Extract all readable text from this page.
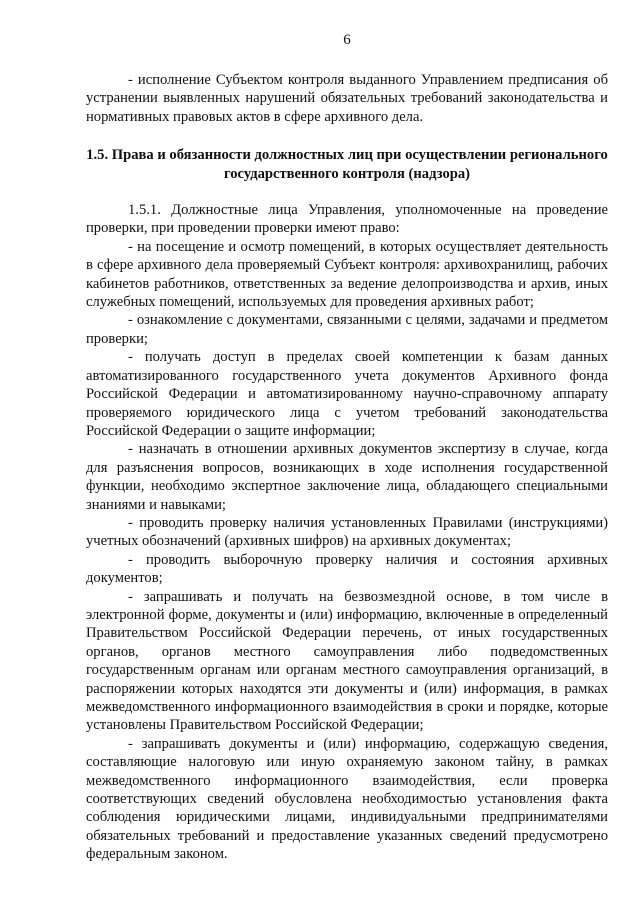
6

- исполнение Субъектом контроля выданного Управлением предписания об устранении выявленных нарушений обязательных требований законодательства и нормативных правовых актов в сфере архивного дела.

1.5. Права и обязанности должностных лиц при осуществлении регионального государственного контроля (надзора)

1.5.1. Должностные лица Управления, уполномоченные на проведение проверки, при проведении проверки имеют право:

- на посещение и осмотр помещений, в которых осуществляет деятельность в сфере архивного дела проверяемый Субъект контроля: архивохранилищ, рабочих кабинетов работников, ответственных за ведение делопроизводства и архив, иных служебных помещений, используемых для проведения архивных работ;

- ознакомление с документами, связанными с целями, задачами и предметом проверки;

- получать доступ в пределах своей компетенции к базам данных автоматизированного государственного учета документов Архивного фонда Российской Федерации и автоматизированному научно-справочному аппарату проверяемого юридического лица с учетом требований законодательства Российской Федерации о защите информации;

- назначать в отношении архивных документов экспертизу в случае, когда для разъяснения вопросов, возникающих в ходе исполнения государственной функции, необходимо экспертное заключение лица, обладающего специальными знаниями и навыками;

- проводить проверку наличия установленных Правилами (инструкциями) учетных обозначений (архивных шифров) на архивных документах;

- проводить выборочную проверку наличия и состояния архивных документов;

- запрашивать и получать на безвозмездной основе, в том числе в электронной форме, документы и (или) информацию, включенные в определенный Правительством Российской Федерации перечень, от иных государственных органов, органов местного самоуправления либо подведомственных государственным органам или органам местного самоуправления организаций, в распоряжении которых находятся эти документы и (или) информация, в рамках межведомственного информационного взаимодействия в сроки и порядке, которые установлены Правительством Российской Федерации;

- запрашивать документы и (или) информацию, содержащую сведения, составляющие налоговую или иную охраняемую законом тайну, в рамках межведомственного информационного взаимодействия, если проверка соответствующих сведений обусловлена необходимостью установления факта соблюдения юридическими лицами, индивидуальными предпринимателями обязательных требований и предоставление указанных сведений предусмотрено федеральным законом.
